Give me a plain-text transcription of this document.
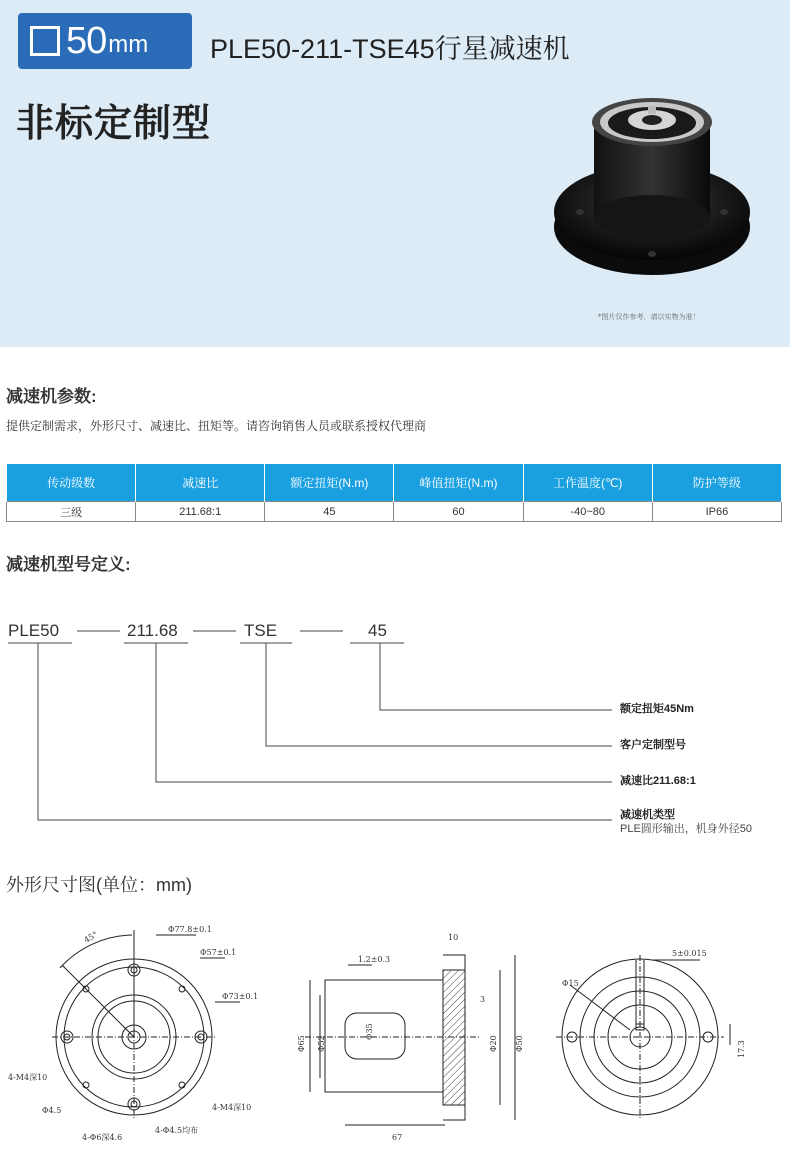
50 mm PLE50-211-TSE45行星减速机
非标定制型
*图片仅作参考，请以实物为准！
减速机参数:
提供定制需求，外形尺寸、减速比、扭矩等。请咨询销售人员或联系授权代理商
传动级数	减速比	额定扭矩(N.m)	峰值扭矩(N.m)	工作温度(℃)	防护等级
三级	211.68:1	45	60	-40~80	IP66
减速机型号定义:
PLE50	211.68	TSE	45
额定扭矩45Nm
客户定制型号
减速比211.68:1
减速机类型
PLE圆形输出，机身外径50
外形尺寸图(单位：mm)
45°
Φ77.8±0.1
Φ57±0.1
Φ73±0.1
4-M4深10
Φ4.5
4-Φ6深4.6
4-Φ4.5均布
4-M4深10
10
1.2±0.3
3
67
Φ65 Φ52
Φ35
Φ20 Φ50
5±0.015
Φ15
17.3
